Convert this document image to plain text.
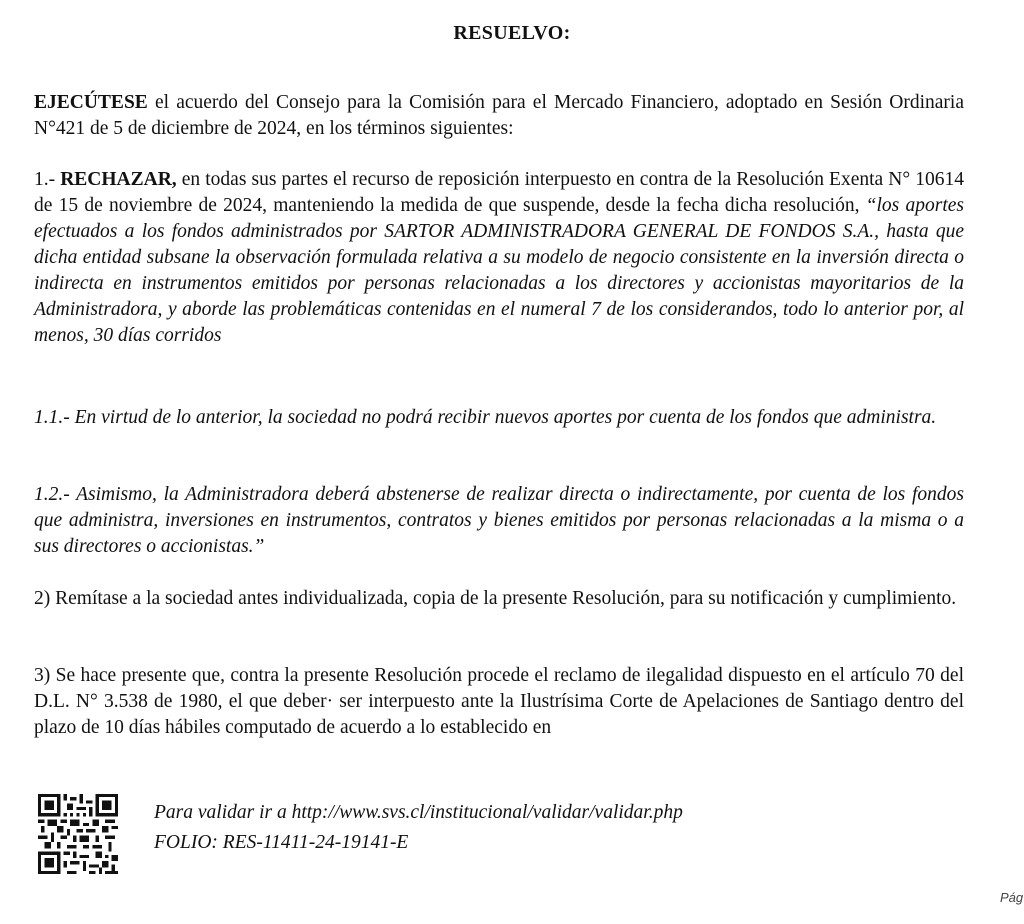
RESUELVO:

EJECÚTESE el acuerdo del Consejo para la Comisión para el Mercado Financiero, adoptado en Sesión Ordinaria N°421 de 5 de diciembre de 2024, en los términos siguientes:

1.- RECHAZAR, en todas sus partes el recurso de reposición interpuesto en contra de la Resolución Exenta N° 10614 de 15 de noviembre de 2024, manteniendo la medida de que suspende, desde la fecha dicha resolución, “los aportes efectuados a los fondos administrados por SARTOR ADMINISTRADORA GENERAL DE FONDOS S.A., hasta que dicha entidad subsane la observación formulada relativa a su modelo de negocio consistente en la inversión directa o indirecta en instrumentos emitidos por personas relacionadas a los directores y accionistas mayoritarios de la Administradora, y aborde las problemáticas contenidas en el numeral 7 de los considerandos, todo lo anterior por, al menos, 30 días corridos

1.1.- En virtud de lo anterior, la sociedad no podrá recibir nuevos aportes por cuenta de los fondos que administra.

1.2.- Asimismo, la Administradora deberá abstenerse de realizar directa o indirectamente, por cuenta de los fondos que administra, inversiones en instrumentos, contratos y bienes emitidos por personas relacionadas a la misma o a sus directores o accionistas.”

2) Remítase a la sociedad antes individualizada, copia de la presente Resolución, para su notificación y cumplimiento.

3) Se hace presente que, contra la presente Resolución procede el reclamo de ilegalidad dispuesto en el artículo 70 del D.L. N° 3.538 de 1980, el que deber· ser interpuesto ante la Ilustrísima Corte de Apelaciones de Santiago dentro del plazo de 10 días hábiles computado de acuerdo a lo establecido en

Para validar ir a http://www.svs.cl/institucional/validar/validar.php
FOLIO: RES-11411-24-19141-E
Pág
